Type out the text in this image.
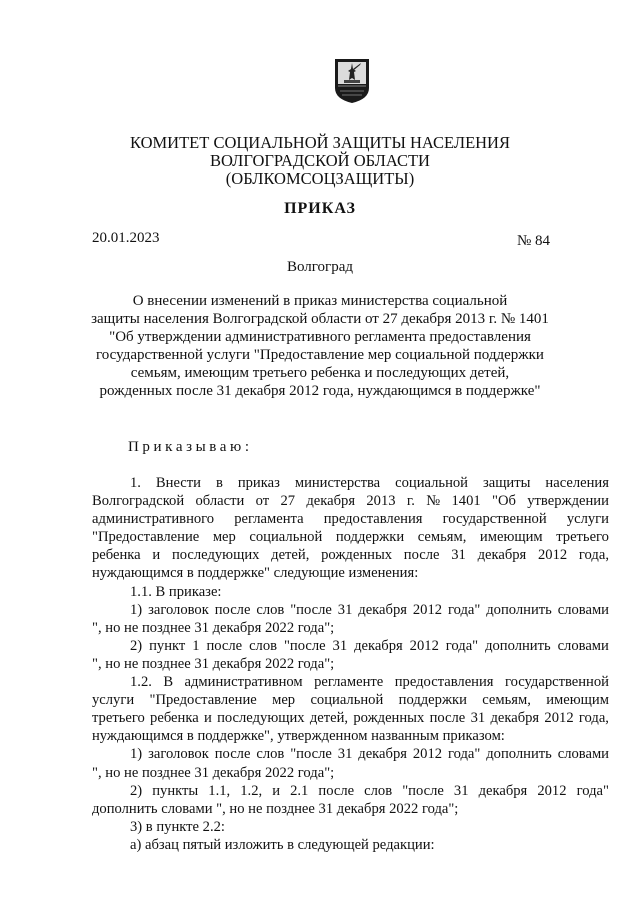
КОМИТЕТ СОЦИАЛЬНОЙ ЗАЩИТЫ НАСЕЛЕНИЯ
ВОЛГОГРАДСКОЙ ОБЛАСТИ
(ОБЛКОМСОЦЗАЩИТЫ)
ПРИКАЗ
20.01.2023	№ 84
Волгоград
О внесении изменений в приказ министерства социальной
защиты населения Волгоградской области от 27 декабря 2013 г. № 1401
"Об утверждении административного регламента предоставления
государственной услуги "Предоставление мер социальной поддержки
семьям, имеющим третьего ребенка и последующих детей,
рожденных после 31 декабря 2012 года, нуждающимся в поддержке"
Приказываю:
1. Внести в приказ министерства социальной защиты населения
Волгоградской области от 27 декабря 2013 г. № 1401 "Об утверждении
административного регламента предоставления государственной услуги
"Предоставление мер социальной поддержки семьям, имеющим третьего
ребенка и последующих детей, рожденных после 31 декабря 2012 года,
нуждающимся в поддержке" следующие изменения:
1.1. В приказе:
1) заголовок после слов "после 31 декабря 2012 года" дополнить словами
", но не позднее 31 декабря 2022 года";
2) пункт 1 после слов "после 31 декабря 2012 года" дополнить словами
", но не позднее 31 декабря 2022 года";
1.2. В административном регламенте предоставления государственной
услуги "Предоставление мер социальной поддержки семьям, имеющим
третьего ребенка и последующих детей, рожденных после 31 декабря 2012 года,
нуждающимся в поддержке", утвержденном названным приказом:
1) заголовок после слов "после 31 декабря 2012 года" дополнить словами
", но не позднее 31 декабря 2022 года";
2) пункты 1.1, 1.2, и 2.1 после слов "после 31 декабря 2012 года"
дополнить словами ", но не позднее 31 декабря 2022 года";
3) в пункте 2.2:
а) абзац пятый изложить в следующей редакции:
